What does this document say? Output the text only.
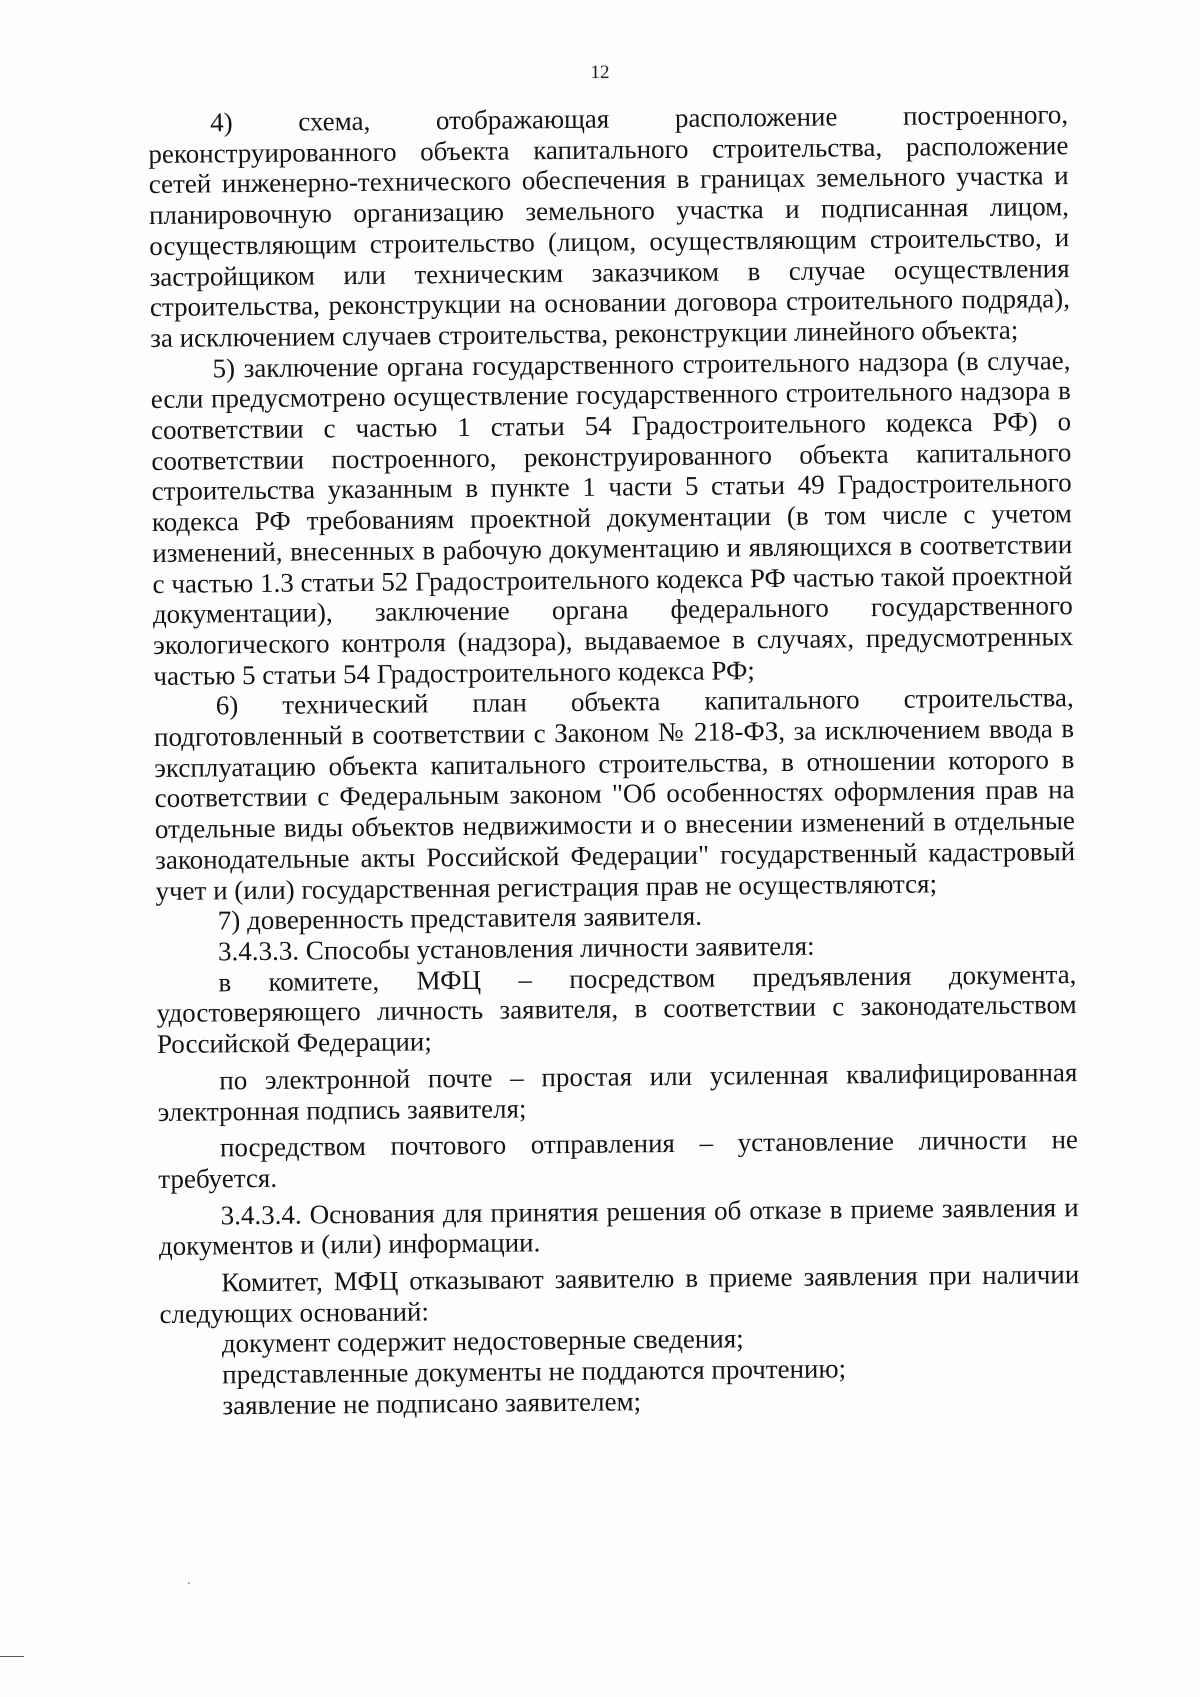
12

4) схема, отображающая расположение построенного, реконструированного объекта капитального строительства, расположение сетей инженерно-технического обеспечения в границах земельного участка и планировочную организацию земельного участка и подписанная лицом, осуществляющим строительство (лицом, осуществляющим строительство, и застройщиком или техническим заказчиком в случае осуществления строительства, реконструкции на основании договора строительного подряда), за исключением случаев строительства, реконструкции линейного объекта;

5) заключение органа государственного строительного надзора (в случае, если предусмотрено осуществление государственного строительного надзора в соответствии с частью 1 статьи 54 Градостроительного кодекса РФ) о соответствии построенного, реконструированного объекта капитального строительства указанным в пункте 1 части 5 статьи 49 Градостроительного кодекса РФ требованиям проектной документации (в том числе с учетом изменений, внесенных в рабочую документацию и являющихся в соответствии с частью 1.3 статьи 52 Градостроительного кодекса РФ частью такой проектной документации), заключение органа федерального государственного экологического контроля (надзора), выдаваемое в случаях, предусмотренных частью 5 статьи 54 Градостроительного кодекса РФ;

6) технический план объекта капитального строительства, подготовленный в соответствии с Законом № 218-ФЗ, за исключением ввода в эксплуатацию объекта капитального строительства, в отношении которого в соответствии с Федеральным законом "Об особенностях оформления прав на отдельные виды объектов недвижимости и о внесении изменений в отдельные законодательные акты Российской Федерации" государственный кадастровый учет и (или) государственная регистрация прав не осуществляются;

7) доверенность представителя заявителя.

3.4.3.3. Способы установления личности заявителя:

в комитете, МФЦ – посредством предъявления документа, удостоверяющего личность заявителя, в соответствии с законодательством Российской Федерации;

по электронной почте – простая или усиленная квалифицированная электронная подпись заявителя;

посредством почтового отправления – установление личности не требуется.

3.4.3.4. Основания для принятия решения об отказе в приеме заявления и документов и (или) информации.

Комитет, МФЦ отказывают заявителю в приеме заявления при наличии следующих оснований:

документ содержит недостоверные сведения;

представленные документы не поддаются прочтению;

заявление не подписано заявителем;
